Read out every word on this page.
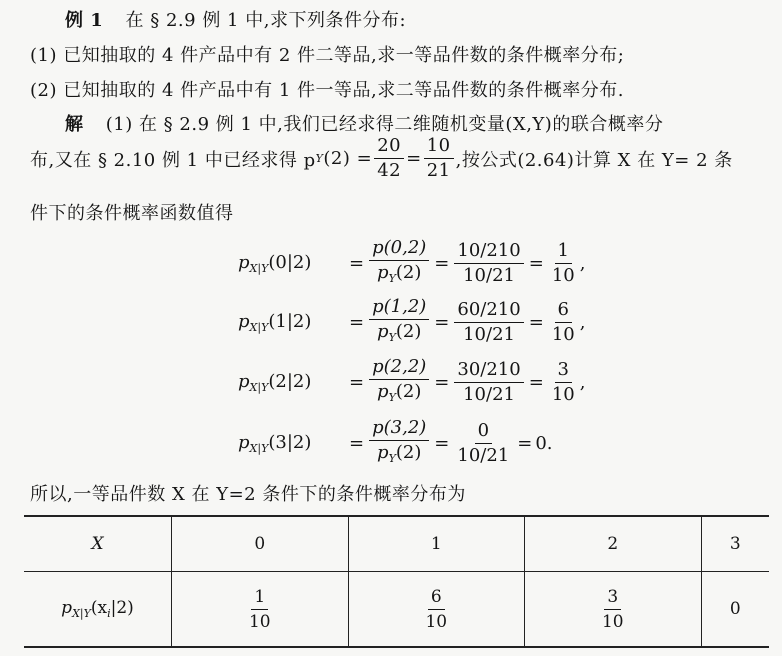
例 1 在 § 2.9 例 1 中,求下列条件分布:
(1) 已知抽取的 4 件产品中有 2 件二等品,求一等品件数的条件概率分布;
(2) 已知抽取的 4 件产品中有 1 件一等品,求二等品件数的条件概率分布.
解 (1) 在 § 2.9 例 1 中,我们已经求得二维随机变量(X,Y)的联合概率分
布,又在 § 2.10 例 1 中已经求得 p Y $(2) = \frac{20}{42} = \frac{10}{21}$ ,按公式(2.64)计算 X 在 Y= 2 条
件下的条件概率函数值得
$p_{X|Y}(0|2)$	= $\frac{p(0,2)}{p_Y(2)} = \frac{10/210}{10/21} = \frac{1}{10}$ ,
$p_{X|Y}(1|2)$	= $\frac{p(1,2)}{p_Y(2)} = \frac{60/210}{10/21} = \frac{6}{10}$ ,
$p_{X|Y}(2|2)$	= $\frac{p(2,2)}{p_Y(2)} = \frac{30/210}{10/21} = \frac{3}{10}$ ,
$p_{X|Y}(3|2)$	= $\frac{p(3,2)}{p_Y(2)} = \frac{0}{10/21} = 0$.
所以,一等品件数 X 在 Y=2 条件下的条件概率分布为
X	0	1	2	3
$p_{X|Y}(x_i|2)$	$\frac{1}{10}$	$\frac{6}{10}$	$\frac{3}{10}$	0
